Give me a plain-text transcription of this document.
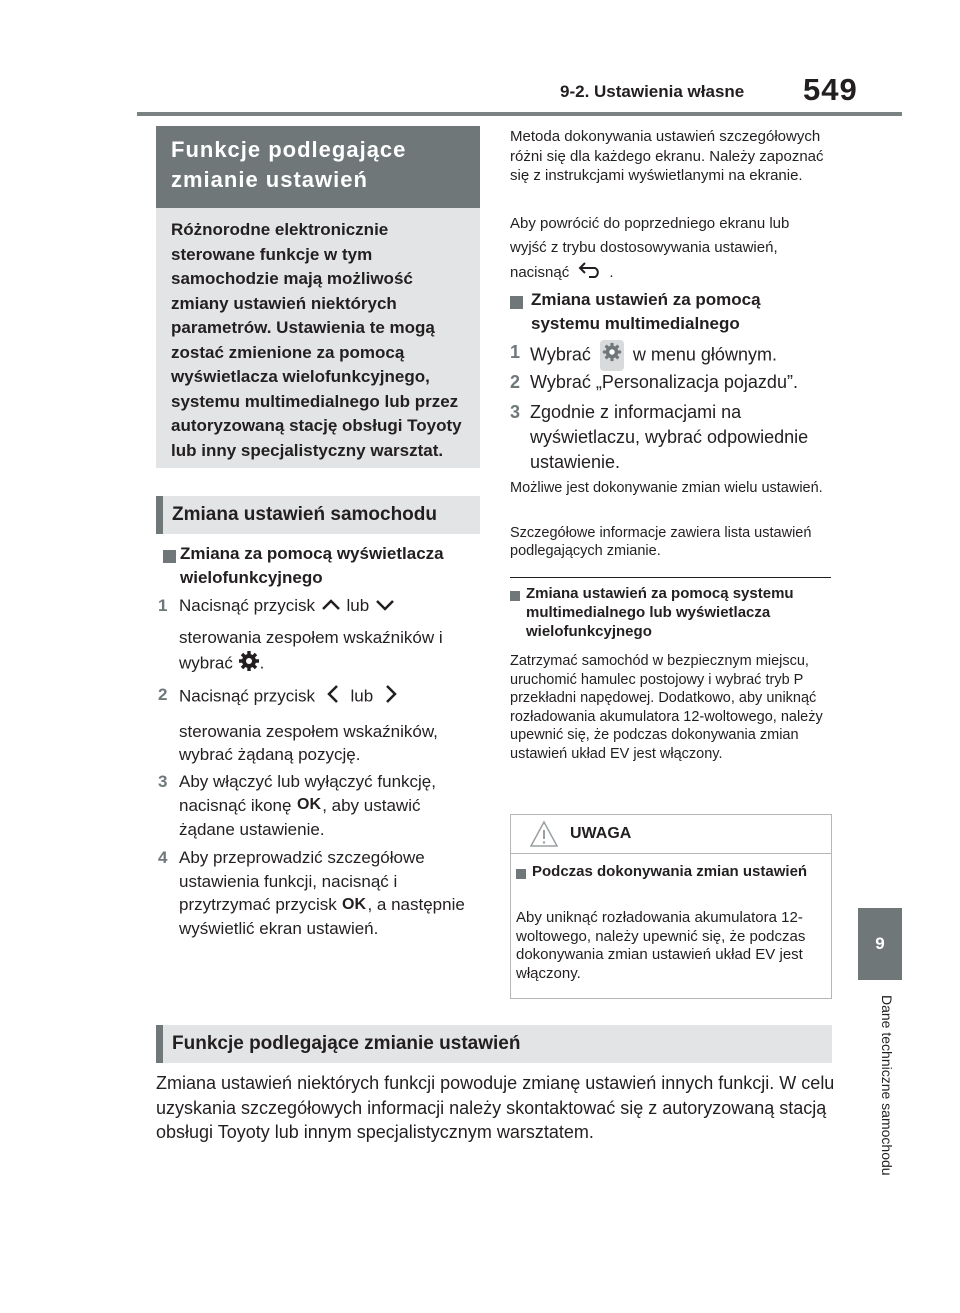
9-2. Ustawienia własne 549
9
Dane techniczne samochodu
Funkcje podlegające zmianie ustawień
Różnorodne elektronicznie sterowane funkcje w tym samochodzie mają możliwość zmiany ustawień niektórych parametrów. Ustawienia te mogą zostać zmienione za pomocą wyświetlacza wielofunkcyjnego, systemu multimedialnego lub przez autoryzowaną stację obsługi Toyoty lub inny specjalistyczny warsztat.
Zmiana ustawień samochodu
Zmiana za pomocą wyświetlacza wielofunkcyjnego
1 Nacisnąć przycisk lub
sterowania zespołem wskaźników i wybrać .
2 Nacisnąć przycisk lub
sterowania zespołem wskaźników, wybrać żądaną pozycję.
3 Aby włączyć lub wyłączyć funkcję, nacisnąć ikonę OK , aby ustawić żądane ustawienie.
4 Aby przeprowadzić szczegółowe ustawienia funkcji, nacisnąć i przytrzymać przycisk OK , a następnie wyświetlić ekran ustawień.
Metoda dokonywania ustawień szczegółowych różni się dla każdego ekranu. Należy zapoznać się z instrukcjami wyświetlanymi na ekranie.
Aby powrócić do poprzedniego ekranu lub wyjść z trybu dostosowywania ustawień, nacisnąć	.
Zmiana ustawień za pomocą systemu multimedialnego
1 Wybrać w menu głównym.
2 Wybrać „Personalizacja pojazdu”.
3 Zgodnie z informacjami na wyświetlaczu, wybrać odpowiednie ustawienie.
Możliwe jest dokonywanie zmian wielu ustawień.
Szczegółowe informacje zawiera lista ustawień podlegających zmianie.
Zmiana ustawień za pomocą systemu multimedialnego lub wyświetlacza wielofunkcyjnego
Zatrzymać samochód w bezpiecznym miejscu, uruchomić hamulec postojowy i wybrać tryb P przekładni napędowej. Dodatkowo, aby uniknąć rozładowania akumulatora 12-woltowego, należy upewnić się, że podczas dokonywania zmian ustawień układ EV jest włączony.
UWAGA
Podczas dokonywania zmian ustawień
Aby uniknąć rozładowania akumulatora 12-woltowego, należy upewnić się, że podczas dokonywania zmian ustawień układ EV jest włączony.
Funkcje podlegające zmianie ustawień
Zmiana ustawień niektórych funkcji powoduje zmianę ustawień innych funkcji. W celu uzyskania szczegółowych informacji należy skontaktować się z autoryzowaną stacją obsługi Toyoty lub innym specjalistycznym warsztatem.
